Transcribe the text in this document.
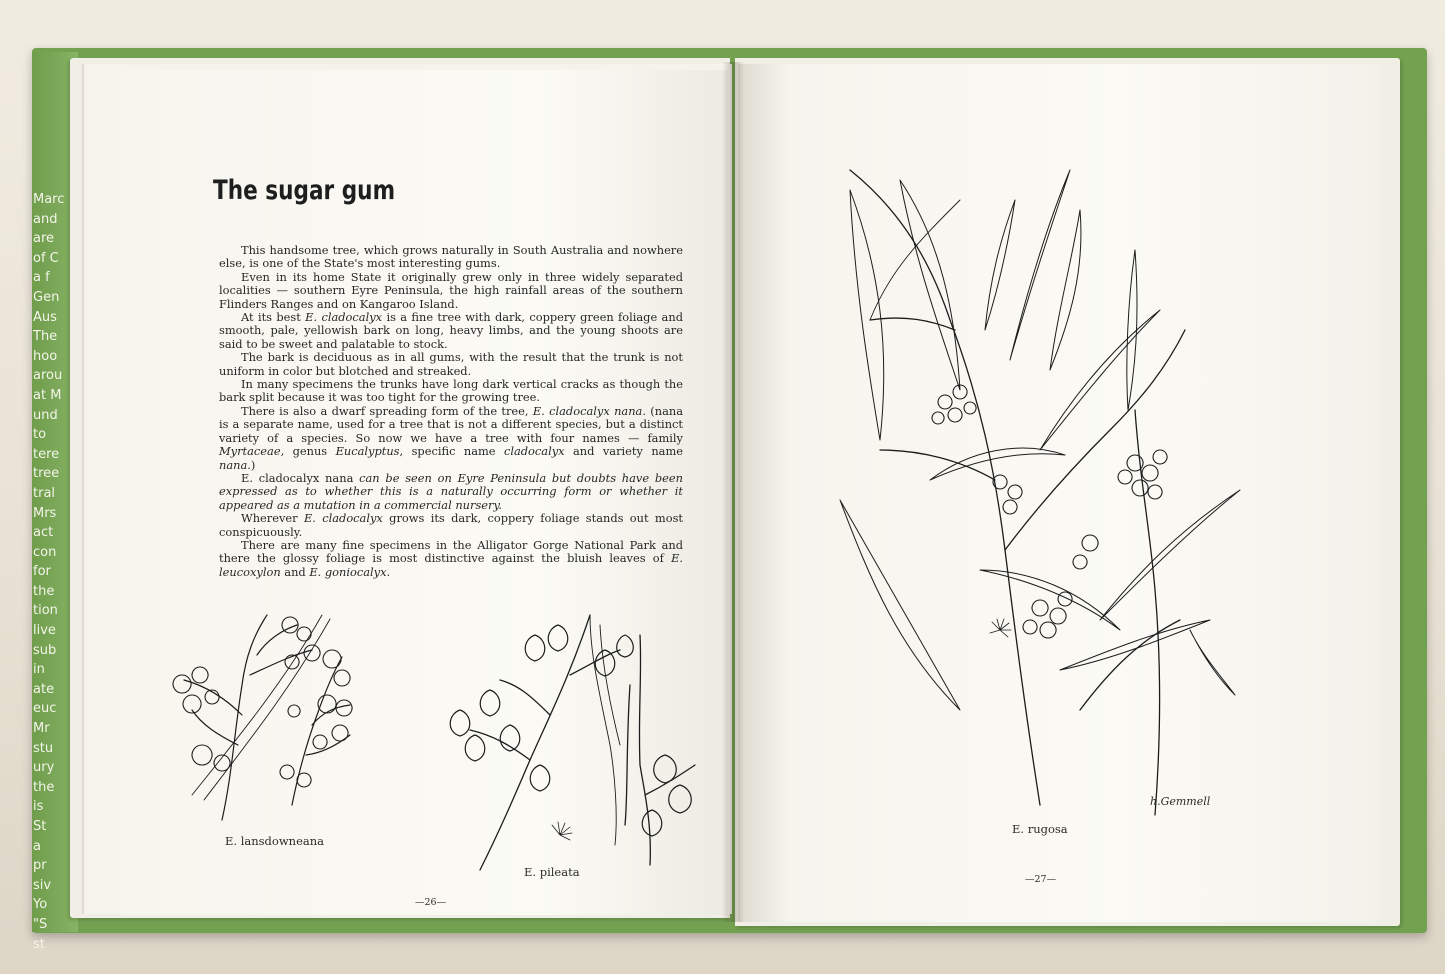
Marc
and
are
of C
a f
Gen
Aus
The
hoo
arou
at M
und
to
tere
tree
tral
Mrs
act
con
for
the
tion
live
sub
in
ate
euc
Mr
stu
ury
the
is
St
a
pr
siv
Yo
"S
st
The sugar gum

This handsome tree, which grows naturally in South Australia and nowhere else, is one of the State's most interesting gums.

Even in its home State it originally grew only in three widely separated localities — southern Eyre Peninsula, the high rainfall areas of the southern Flinders Ranges and on Kangaroo Island.

At its best E. cladocalyx is a fine tree with dark, coppery green foliage and smooth, pale, yellowish bark on long, heavy limbs, and the young shoots are said to be sweet and palatable to stock.

The bark is deciduous as in all gums, with the result that the trunk is not uniform in color but blotched and streaked.

In many specimens the trunks have long dark vertical cracks as though the bark split because it was too tight for the growing tree.

There is also a dwarf spreading form of the tree, E. cladocalyx nana. (nana is a separate name, used for a tree that is not a different species, but a distinct variety of a species. So now we have a tree with four names — family Myrtaceae, genus Eucalyptus, specific name cladocalyx and variety name nana.)

E. cladocalyx nana can be seen on Eyre Peninsula but doubts have been expressed as to whether this is a naturally occurring form or whether it appeared as a mutation in a commercial nursery.

Wherever E. cladocalyx grows its dark, coppery foliage stands out most conspicuously.

There are many fine specimens in the Alligator Gorge National Park and there the glossy foliage is most distinctive against the bluish leaves of E. leucoxylon and E. goniocalyx.

E. lansdowneana
E. pileata
—26—
h.Gemmell
E. rugosa
—27—
